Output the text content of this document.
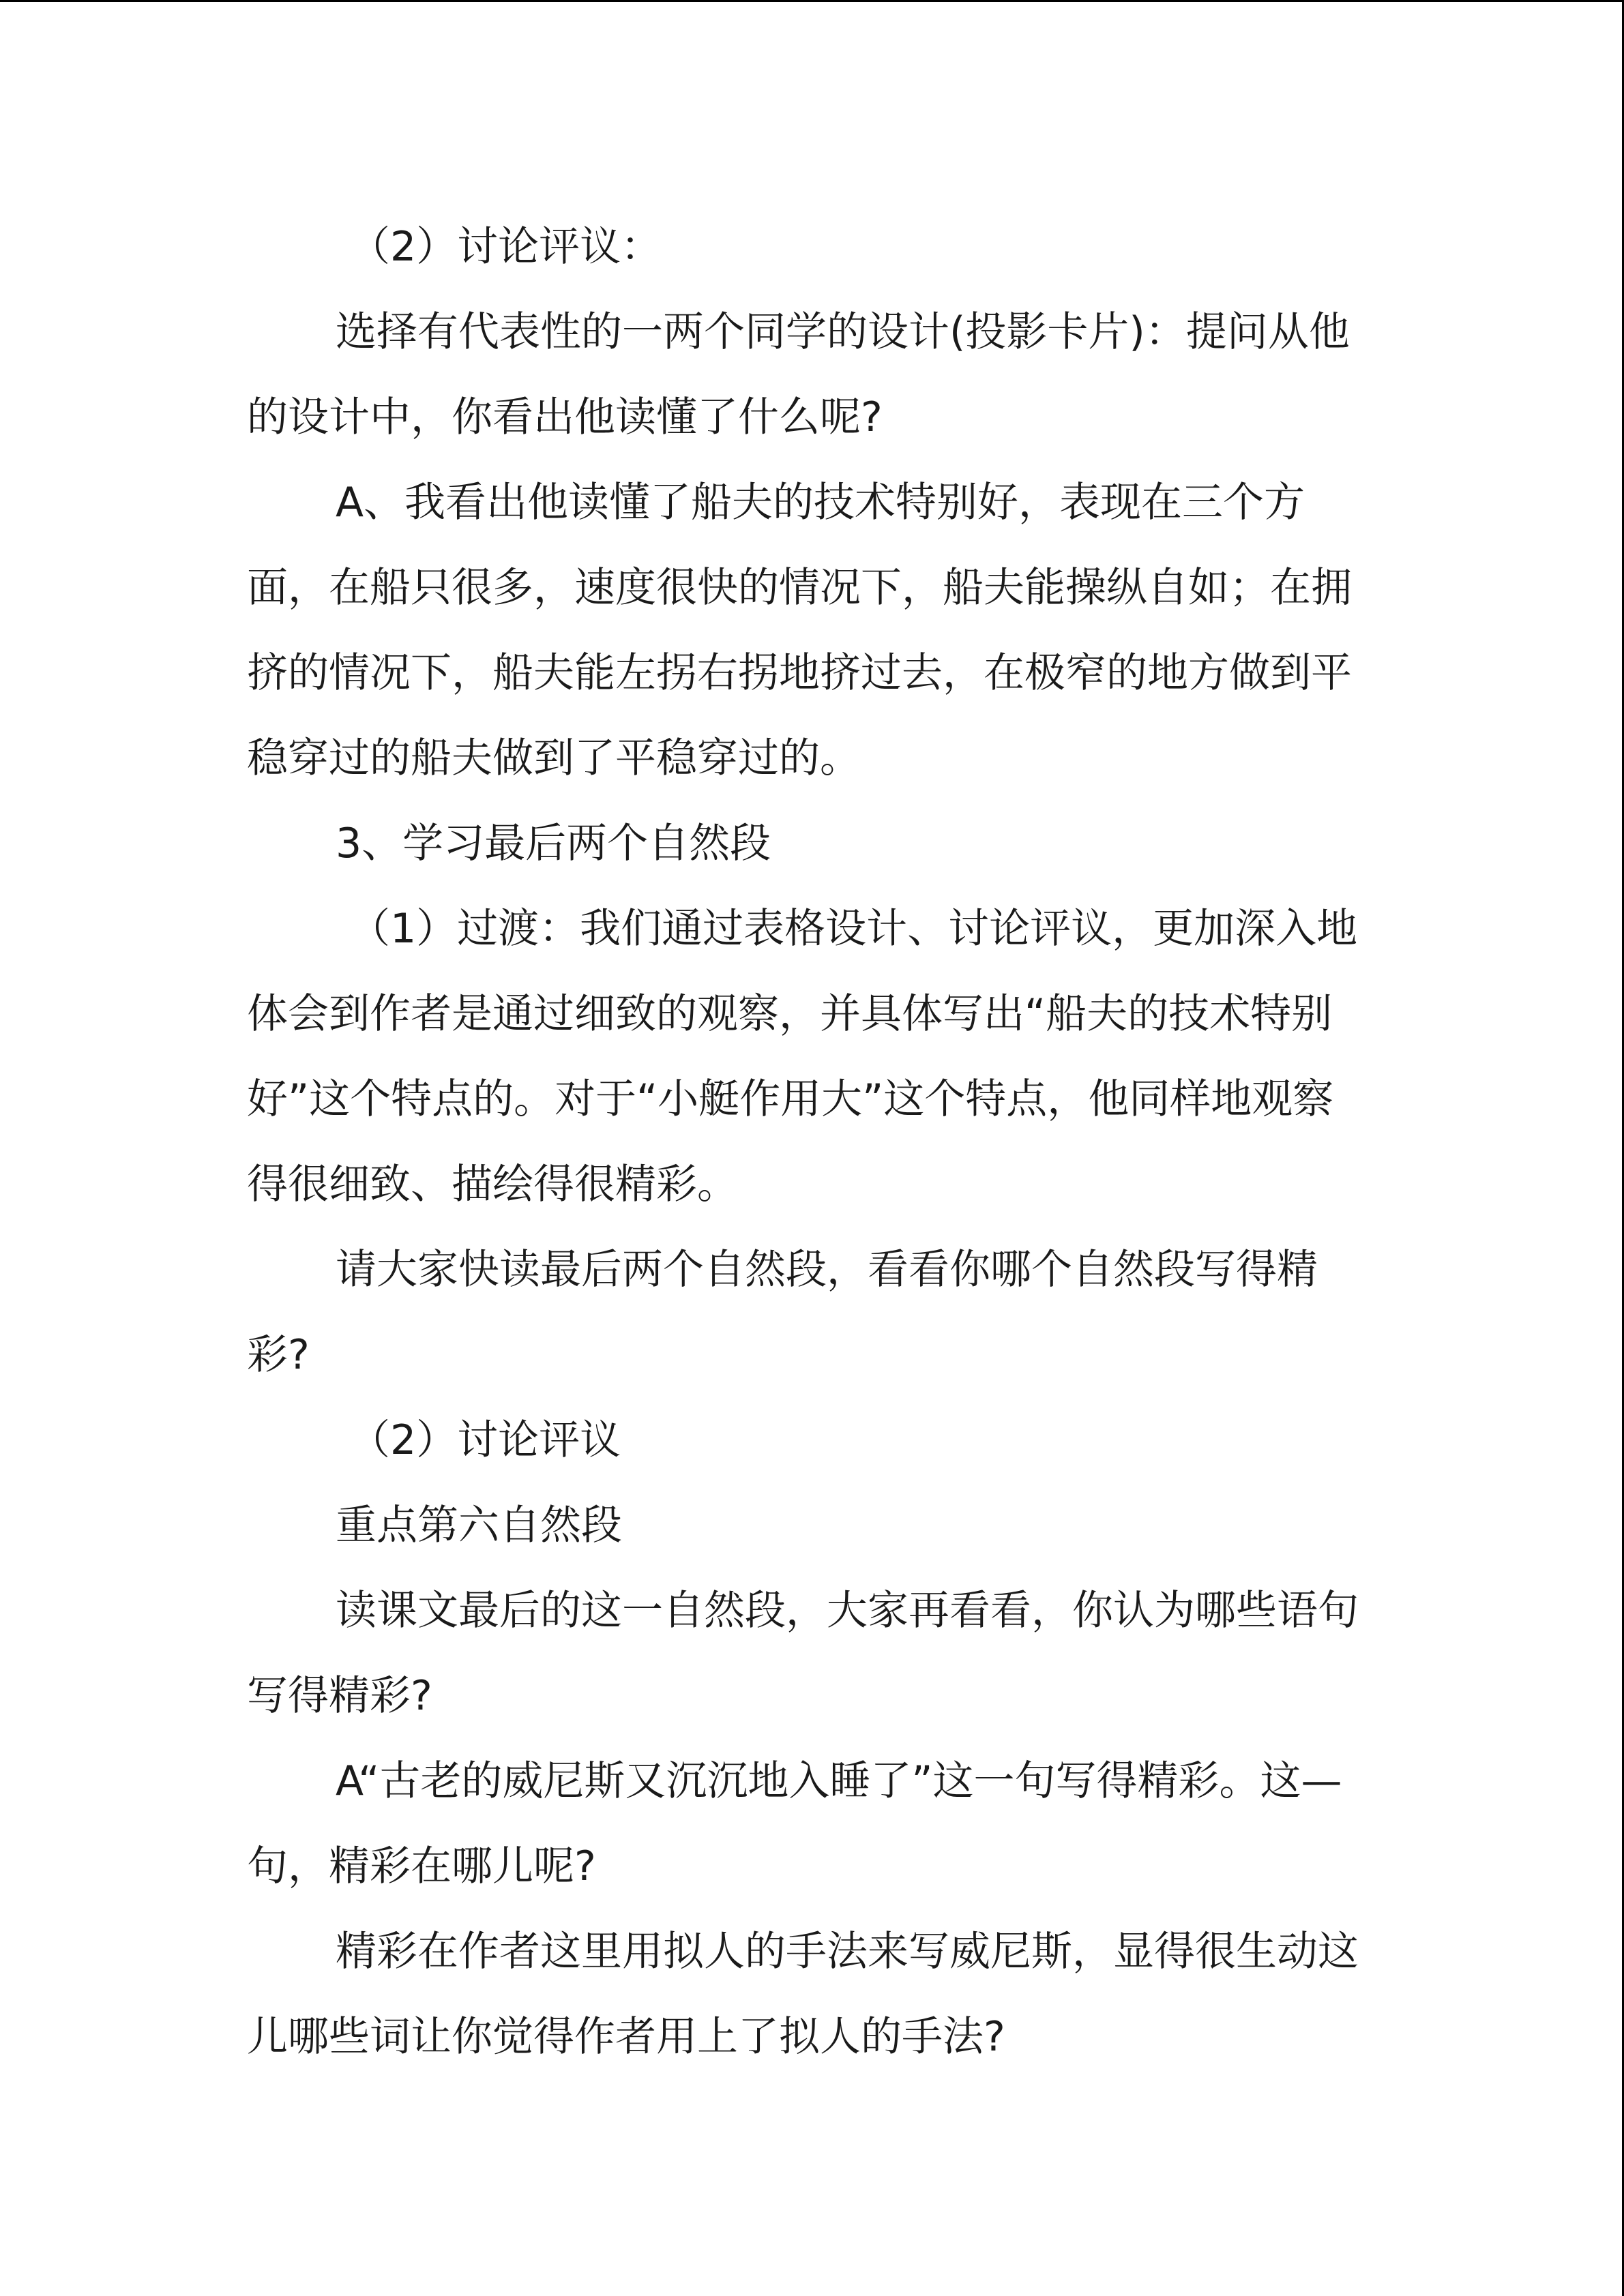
（2）讨论评议：

选择有代表性的一两个同学的设计(投影卡片)：提问从他的设计中，你看出他读懂了什么呢?

A、我看出他读懂了船夫的技术特别好，表现在三个方面，在船只很多，速度很快的情况下，船夫能操纵自如；在拥挤的情况下，船夫能左拐右拐地挤过去，在极窄的地方做到平稳穿过的船夫做到了平稳穿过的。

3、学习最后两个自然段

（1）过渡：我们通过表格设计、讨论评议，更加深入地体会到作者是通过细致的观察，并具体写出“船夫的技术特别好”这个特点的。对于“小艇作用大”这个特点，他同样地观察得很细致、描绘得很精彩。

请大家快读最后两个自然段，看看你哪个自然段写得精彩?

（2）讨论评议

重点第六自然段

读课文最后的这一自然段，大家再看看，你认为哪些语句写得精彩?

A“古老的威尼斯又沉沉地入睡了”这一句写得精彩。这—句，精彩在哪儿呢?

精彩在作者这里用拟人的手法来写威尼斯，显得很生动这儿哪些词让你觉得作者用上了拟人的手法?
